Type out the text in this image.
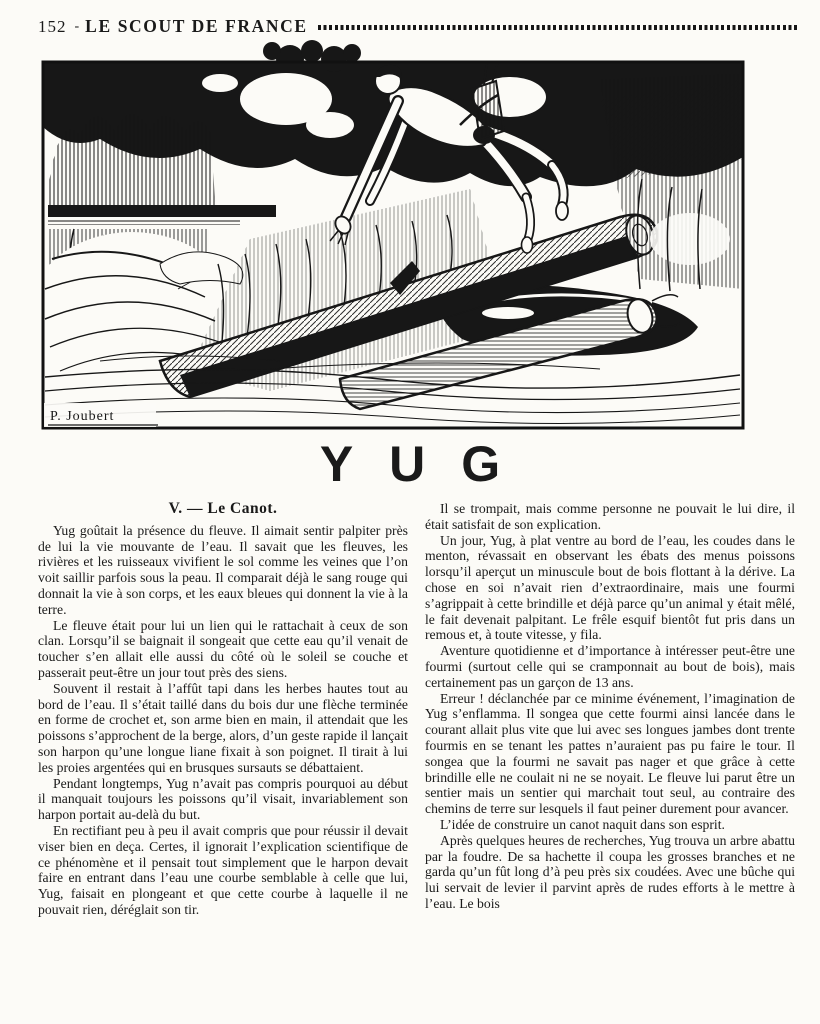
152 - LE SCOUT DE FRANCE
P. Joubert
YUG
V. — Le Canot.

Yug goûtait la présence du fleuve. Il aimait sentir palpiter près de lui la vie mouvante de l’eau. Il savait que les fleuves, les rivières et les ruisseaux vivifient le sol comme les veines que l’on voit saillir parfois sous la peau. Il comparait déjà le sang rouge qui donnait la vie à son corps, et les eaux bleues qui donnent la vie à la terre.

Le fleuve était pour lui un lien qui le rattachait à ceux de son clan. Lorsqu’il se baignait il songeait que cette eau qu’il venait de toucher s’en allait elle aussi du côté où le soleil se couche et passerait peut-être un jour tout près des siens.

Souvent il restait à l’affût tapi dans les herbes hautes tout au bord de l’eau. Il s’était taillé dans du bois dur une flèche terminée en forme de crochet et, son arme bien en main, il attendait que les poissons s’approchent de la berge, alors, d’un geste rapide il lançait son harpon qu’une longue liane fixait à son poignet. Il tirait à lui les proies argentées qui en brusques sursauts se débattaient.

Pendant longtemps, Yug n’avait pas compris pourquoi au début il manquait toujours les poissons qu’il visait, invariablement son harpon portait au-delà du but.

En rectifiant peu à peu il avait compris que pour réussir il devait viser bien en deça. Certes, il ignorait l’explication scientifique de ce phénomène et il pensait tout simplement que le harpon devait faire en entrant dans l’eau une courbe semblable à celle que lui, Yug, faisait en plongeant et que cette courbe à laquelle il ne pouvait rien, déréglait son tir.

Il se trompait, mais comme personne ne pouvait le lui dire, il était satisfait de son explication.

Un jour, Yug, à plat ventre au bord de l’eau, les coudes dans le menton, révassait en observant les ébats des menus poissons lorsqu’il aperçut un minuscule bout de bois flottant à la dérive. La chose en soi n’avait rien d’extraordinaire, mais une fourmi s’agrippait à cette brindille et déjà parce qu’un animal y était mêlé, le fait devenait palpitant. Le frêle esquif bientôt fut pris dans un remous et, à toute vitesse, y fila.

Aventure quotidienne et d’importance à intéresser peut-être une fourmi (surtout celle qui se cramponnait au bout de bois), mais certainement pas un garçon de 13 ans.

Erreur ! déclanchée par ce minime événement, l’imagination de Yug s’enflamma. Il songea que cette fourmi ainsi lancée dans le courant allait plus vite que lui avec ses longues jambes dont trente fourmis en se tenant les pattes n’auraient pas pu faire le tour. Il songea que la fourmi ne savait pas nager et que grâce à cette brindille elle ne coulait ni ne se noyait. Le fleuve lui parut être un sentier mais un sentier qui marchait tout seul, au contraire des chemins de terre sur lesquels il faut peiner durement pour avancer.

L’idée de construire un canot naquit dans son esprit.

Après quelques heures de recherches, Yug trouva un arbre abattu par la foudre. De sa hachette il coupa les grosses branches et ne garda qu’un fût long d’à peu près six coudées. Avec une bûche qui lui servait de levier il parvint après de rudes efforts à le mettre à l’eau. Le bois
